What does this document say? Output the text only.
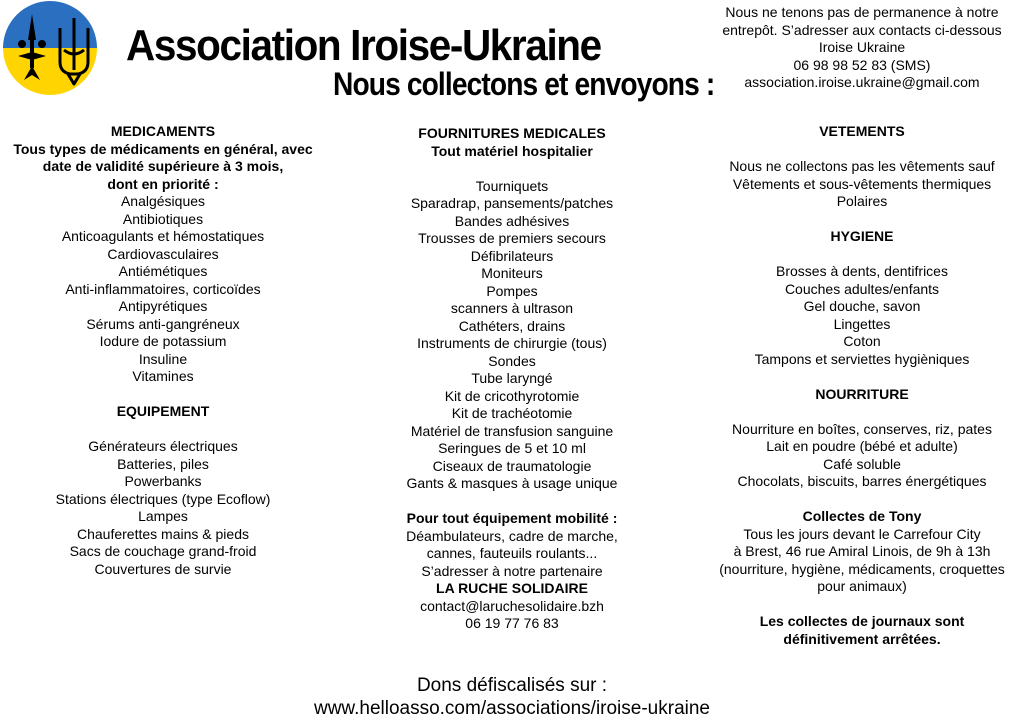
Association Iroise-Ukraine
Nous collectons et envoyons :
Nous ne tenons pas de permanence à notre
entrepôt. S’adresser aux contacts ci-dessous
Iroise Ukraine
06 98 98 52 83 (SMS)
association.iroise.ukraine@gmail.com
MEDICAMENTS
Tous types de médicaments en général, avec
date de validité supérieure à 3 mois,
dont en priorité :
Analgésiques
Antibiotiques
Anticoagulants et hémostatiques
Cardiovasculaires
Antiémétiques
Anti-inflammatoires, corticoïdes
Antipyrétiques
Sérums anti-gangréneux
Iodure de potassium
Insuline
Vitamines
EQUIPEMENT
Générateurs électriques
Batteries, piles
Powerbanks
Stations électriques (type Ecoflow)
Lampes
Chauferettes mains & pieds
Sacs de couchage grand-froid
Couvertures de survie
FOURNITURES MEDICALES
Tout matériel hospitalier
Tourniquets
Sparadrap, pansements/patches
Bandes adhésives
Trousses de premiers secours
Défibrilateurs
Moniteurs
Pompes
scanners à ultrason
Cathéters, drains
Instruments de chirurgie (tous)
Sondes
Tube laryngé
Kit de cricothyrotomie
Kit de trachéotomie
Matériel de transfusion sanguine
Seringues de 5 et 10 ml
Ciseaux de traumatologie
Gants & masques à usage unique
Pour tout équipement mobilité :
Déambulateurs, cadre de marche,
cannes, fauteuils roulants...
S’adresser à notre partenaire
LA RUCHE SOLIDAIRE
contact@laruchesolidaire.bzh
06 19 77 76 83
VETEMENTS
Nous ne collectons pas les vêtements sauf
Vêtements et sous-vêtements thermiques
Polaires
HYGIENE
Brosses à dents, dentifrices
Couches adultes/enfants
Gel douche, savon
Lingettes
Coton
Tampons et serviettes hygièniques
NOURRITURE
Nourriture en boîtes, conserves, riz, pates
Lait en poudre (bébé et adulte)
Café soluble
Chocolats, biscuits, barres énergétiques
Collectes de Tony
Tous les jours devant le Carrefour City
à Brest, 46 rue Amiral Linois, de 9h à 13h
(nourriture, hygiène, médicaments, croquettes
pour animaux)
Les collectes de journaux sont
définitivement arrêtées.
Dons défiscalisés sur :
www.helloasso.com/associations/iroise-ukraine
